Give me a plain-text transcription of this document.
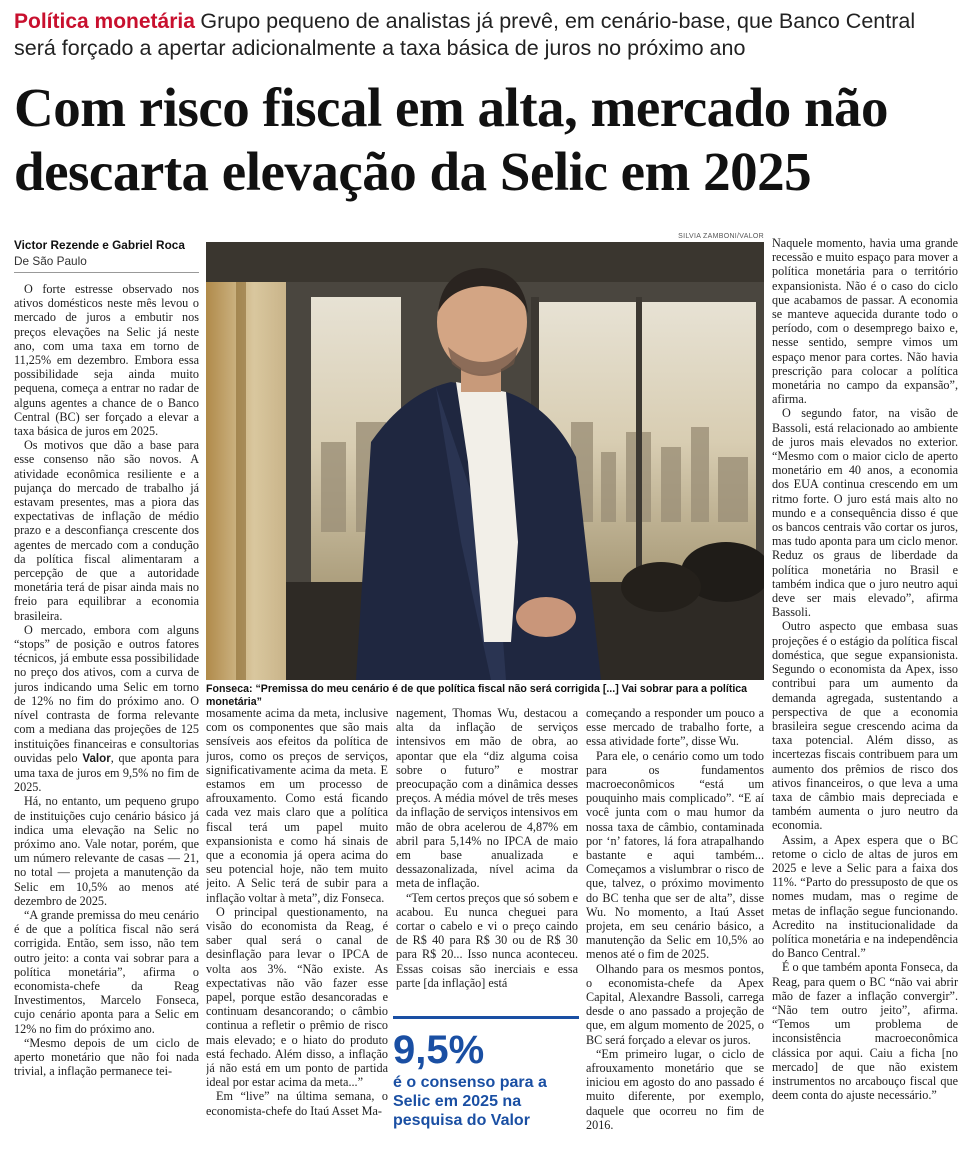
Política monetária Grupo pequeno de analistas já prevê, em cenário-base, que Banco Central será forçado a apertar adicionalmente a taxa básica de juros no próximo ano
Com risco fiscal em alta, mercado não descarta elevação da Selic em 2025
Victor Rezende e Gabriel Roca
De São Paulo

O forte estresse observado nos ativos domésticos neste mês levou o mercado de juros a embutir nos preços elevações na Selic já neste ano, com uma taxa em torno de 11,25% em dezembro. Embora essa possibilidade seja ainda muito pequena, começa a entrar no radar de alguns agentes a chance de o Banco Central (BC) ser forçado a elevar a taxa básica de juros em 2025.

Os motivos que dão a base para esse consenso não são novos. A atividade econômica resiliente e a pujança do mercado de trabalho já estavam presentes, mas a piora das expectativas de inflação de médio prazo e a desconfiança crescente dos agentes de mercado com a condução da política fiscal alimentaram a percepção de que a autoridade monetária terá de pisar ainda mais no freio para equilibrar a economia brasileira.

O mercado, embora com alguns “stops” de posição e outros fatores técnicos, já embute essa possibilidade no preço dos ativos, com a curva de juros indicando uma Selic em torno de 12% no fim do próximo ano. O nível contrasta de forma relevante com a mediana das projeções de 125 instituições financeiras e consultorias ouvidas pelo Valor, que aponta para uma taxa de juros em 9,5% no fim de 2025.

Há, no entanto, um pequeno grupo de instituições cujo cenário básico já indica uma elevação na Selic no próximo ano. Vale notar, porém, que um número relevante de casas — 21, no total — projeta a manutenção da Selic em 10,5% ao menos até dezembro de 2025.

“A grande premissa do meu cenário é de que a política fiscal não será corrigida. Então, sem isso, não tem outro jeito: a conta vai sobrar para a política monetária”, afirma o economista-chefe da Reag Investimentos, Marcelo Fonseca, cujo cenário aponta para a Selic em 12% no fim do próximo ano.

“Mesmo depois de um ciclo de aperto monetário que não foi nada trivial, a inflação permanece tei-

SILVIA ZAMBONI/VALOR
Fonseca: “Premissa do meu cenário é de que política fiscal não será corrigida [...] Vai sobrar para a política monetária”

mosamente acima da meta, inclusive com os componentes que são mais sensíveis aos efeitos da política de juros, como os preços de serviços, significativamente acima da meta. E estamos em um processo de afrouxamento. Como está ficando cada vez mais claro que a política fiscal terá um papel muito expansionista e como há sinais de que a economia já opera acima do seu potencial hoje, não tem muito jeito. A Selic terá de subir para a inflação voltar à meta”, diz Fonseca.

O principal questionamento, na visão do economista da Reag, é saber qual será o canal de desinflação para levar o IPCA de volta aos 3%. “Não existe. As expectativas não vão fazer esse papel, porque estão desancoradas e continuam desancorando; o câmbio continua a refletir o prêmio de risco mais elevado; e o hiato do produto está fechado. Além disso, a inflação já não está em um ponto de partida ideal por estar acima da meta...”

Em “live” na última semana, o economista-chefe do Itaú Asset Ma-

nagement, Thomas Wu, destacou a alta da inflação de serviços intensivos em mão de obra, ao apontar que ela “diz alguma coisa sobre o futuro” e mostrar preocupação com a dinâmica desses preços. A média móvel de três meses da inflação de serviços intensivos em mão de obra acelerou de 4,87% em abril para 5,14% no IPCA de maio em base anualizada e dessazonalizada, nível acima da meta de inflação.

“Tem certos preços que só sobem e acabou. Eu nunca cheguei para cortar o cabelo e vi o preço caindo de R$ 40 para R$ 30 ou de R$ 30 para R$ 20... Isso nunca aconteceu. Essas coisas são inerciais e essa parte [da inflação] está

9,5%
é o consenso para a Selic em 2025 na pesquisa do Valor

começando a responder um pouco a esse mercado de trabalho forte, a essa atividade forte”, disse Wu.

Para ele, o cenário como um todo para os fundamentos macroeconômicos “está um pouquinho mais complicado”. “E aí você junta com o mau humor da nossa taxa de câmbio, contaminada por ‘n’ fatores, lá fora atrapalhando bastante e aqui também... Começamos a vislumbrar o risco de que, talvez, o próximo movimento do BC tenha que ser de alta”, disse Wu. No momento, a Itaú Asset projeta, em seu cenário básico, a manutenção da Selic em 10,5% ao menos até o fim de 2025.

Olhando para os mesmos pontos, o economista-chefe da Apex Capital, Alexandre Bassoli, carrega desde o ano passado a projeção de que, em algum momento de 2025, o BC será forçado a elevar os juros.

“Em primeiro lugar, o ciclo de afrouxamento monetário que se iniciou em agosto do ano passado é muito diferente, por exemplo, daquele que ocorreu no fim de 2016.

Naquele momento, havia uma grande recessão e muito espaço para mover a política monetária para o território expansionista. Não é o caso do ciclo que acabamos de passar. A economia se manteve aquecida durante todo o período, com o desemprego baixo e, nesse sentido, sempre vimos um espaço menor para cortes. Não havia prescrição para colocar a política monetária no campo da expansão”, afirma.

O segundo fator, na visão de Bassoli, está relacionado ao ambiente de juros mais elevados no exterior. “Mesmo com o maior ciclo de aperto monetário em 40 anos, a economia dos EUA continua crescendo em um ritmo forte. O juro está mais alto no mundo e a consequência disso é que os bancos centrais vão cortar os juros, mas tudo aponta para um ciclo menor. Reduz os graus de liberdade da política monetária no Brasil e também indica que o juro neutro aqui deve ser mais elevado”, afirma Bassoli.

Outro aspecto que embasa suas projeções é o estágio da política fiscal doméstica, que segue expansionista. Segundo o economista da Apex, isso contribui para um aumento da demanda agregada, sustentando a perspectiva de que a economia brasileira segue crescendo acima da taxa potencial. Além disso, as incertezas fiscais contribuem para um aumento dos prêmios de risco dos ativos financeiros, o que leva a uma taxa de câmbio mais depreciada e também aumenta o juro neutro da economia.

Assim, a Apex espera que o BC retome o ciclo de altas de juros em 2025 e leve a Selic para a faixa dos 11%. “Parto do pressuposto de que os nomes mudam, mas o regime de metas de inflação segue funcionando. Acredito na institucionalidade da política monetária e na independência do Banco Central.”

É o que também aponta Fonseca, da Reag, para quem o BC “não vai abrir mão de fazer a inflação convergir”. “Não tem outro jeito”, afirma. “Temos um problema de inconsistência macroeconômica clássica por aqui. Caiu a ficha [no mercado] de que não existem instrumentos no arcabouço fiscal que deem conta do ajuste necessário.”
